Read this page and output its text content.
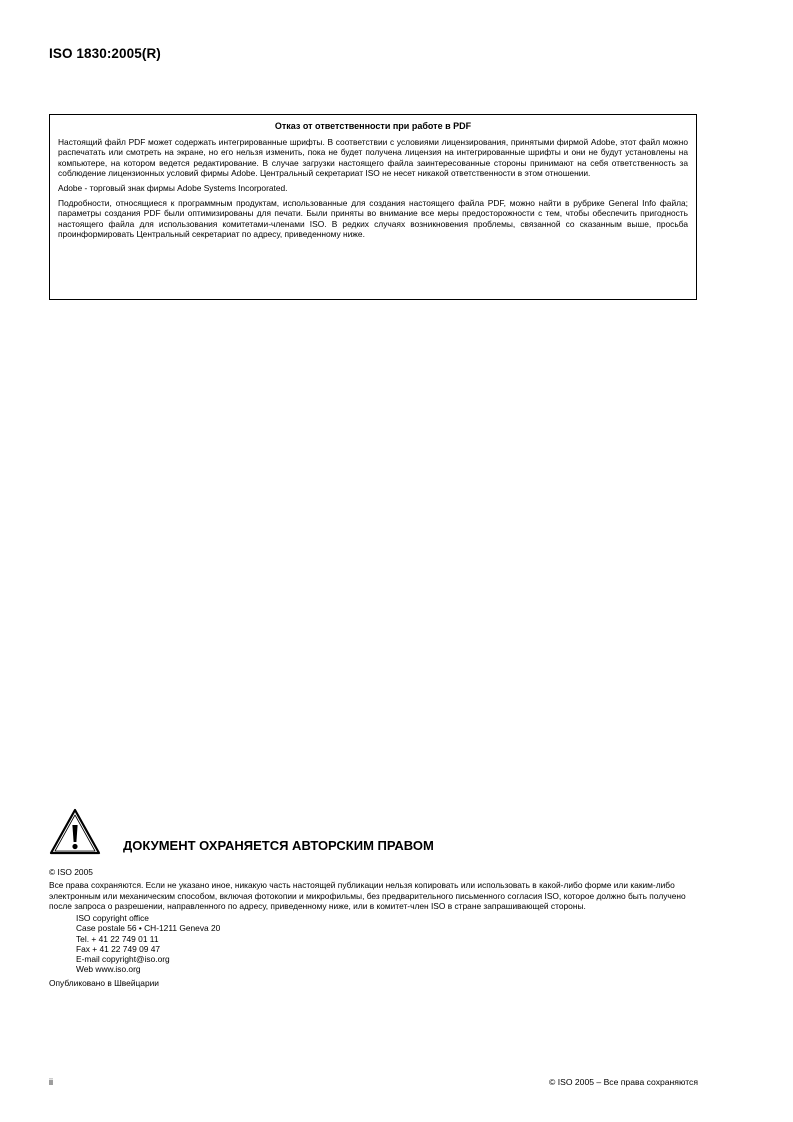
ISO 1830:2005(R)
Отказ от ответственности при работе в PDF

Настоящий файл PDF может содержать интегрированные шрифты. В соответствии с условиями лицензирования, принятыми фирмой Adobe, этот файл можно распечатать или смотреть на экране, но его нельзя изменить, пока не будет получена лицензия на интегрированные шрифты и они не будут установлены на компьютере, на котором ведется редактирование. В случае загрузки настоящего файла заинтересованные стороны принимают на себя ответственность за соблюдение лицензионных условий фирмы Adobe. Центральный секретариат ISO не несет никакой ответственности в этом отношении.

Adobe - торговый знак фирмы Adobe Systems Incorporated.

Подробности, относящиеся к программным продуктам, использованные для создания настоящего файла PDF, можно найти в рубрике General Info файла; параметры создания PDF были оптимизированы для печати. Были приняты во внимание все меры предосторожности с тем, чтобы обеспечить пригодность настоящего файла для использования комитетами-членами ISO. В редких случаях возникновения проблемы, связанной со сказанным выше, просьба проинформировать Центральный секретариат по адресу, приведенному ниже.

ДОКУМЕНТ ОХРАНЯЕТСЯ АВТОРСКИМ ПРАВОМ

© ISO 2005

Все права сохраняются. Если не указано иное, никакую часть настоящей публикации нельзя копировать или использовать в какой-либо форме или каким-либо электронным или механическим способом, включая фотокопии и микрофильмы, без предварительного письменного согласия ISO, которое должно быть получено после запроса о разрешении, направленного по адресу, приведенному ниже, или в комитет-член ISO в стране запрашивающей стороны.

ISO copyright office
Case postale 56 • CH-1211 Geneva 20
Tel. + 41 22 749 01 11
Fax + 41 22 749 09 47
E-mail copyright@iso.org
Web www.iso.org

Опубликовано в Швейцарии

ii	© ISO 2005 – Все права сохраняются
